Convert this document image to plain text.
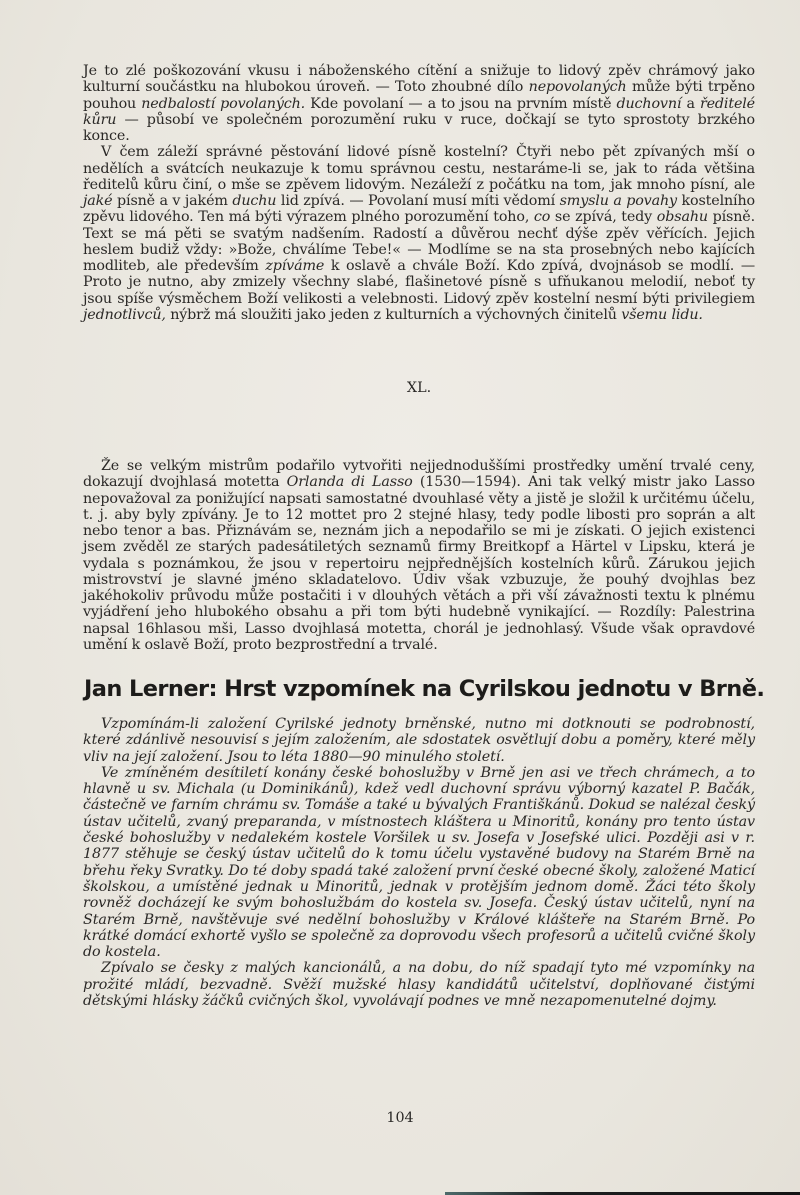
Je to zlé poškozování vkusu i náboženského cítění a snižuje to lidový zpěv chrámový jako kulturní součástku na hlubokou úroveň. — Toto zhoubné dílo nepovolaných může býti trpěno pouhou nedbalostí povolaných. Kde povolaní — a to jsou na prvním místě duchovní a ředitelé kůru — působí ve společném porozumění ruku v ruce, dočkají se tyto sprostoty brzkého konce.

V čem záleží správné pěstování lidové písně kostelní? Čtyři nebo pět zpívaných mší o nedělích a svátcích neukazuje k tomu správnou cestu, nestaráme-li se, jak to ráda většina ředitelů kůru činí, o mše se zpěvem lidovým. Nezáleží z počátku na tom, jak mnoho písní, ale jaké písně a v jakém duchu lid zpívá. — Povolaní musí míti vědomí smyslu a povahy kostelního zpěvu lidového. Ten má býti výrazem plného porozumění toho, co se zpívá, tedy obsahu písně. Text se má pěti se svatým nadšením. Radostí a důvěrou nechť dýše zpěv věřících. Jejich heslem budiž vždy: »Bože, chválíme Tebe!« — Modlíme se na sta prosebných nebo kajících modliteb, ale především zpíváme k oslavě a chvále Boží. Kdo zpívá, dvojnásob se modlí. — Proto je nutno, aby zmizely všechny slabé, flašinetové písně s ufňukanou melodií, neboť ty jsou spíše výsměchem Boží velikosti a velebnosti. Lidový zpěv kostelní nesmí býti privilegiem jednotlivců, nýbrž má sloužiti jako jeden z kulturních a výchovných činitelů všemu lidu.

XL.

Že se velkým mistrům podařilo vytvořiti nejjednoduššími prostředky umění trvalé ceny, dokazují dvojhlasá motetta Orlanda di Lasso (1530—1594). Ani tak velký mistr jako Lasso nepovažoval za ponižující napsati samostatné dvouhlasé věty a jistě je složil k určitému účelu, t. j. aby byly zpívány. Je to 12 mottet pro 2 stejné hlasy, tedy podle libosti pro soprán a alt nebo tenor a bas. Přiznávám se, neznám jich a nepodařilo se mi je získati. O jejich existenci jsem zvěděl ze starých padesátiletých seznamů firmy Breitkopf a Härtel v Lipsku, která je vydala s poznámkou, že jsou v repertoiru nejpřednějších kostelních kůrů. Zárukou jejich mistrovství je slavné jméno skladatelovo. Údiv však vzbuzuje, že pouhý dvojhlas bez jakéhokoliv průvodu může postačiti i v dlouhých větách a při vší závažnosti textu k plnému vyjádření jeho hlubokého obsahu a při tom býti hudebně vynikající. — Rozdíly: Palestrina napsal 16hlasou mši, Lasso dvojhlasá motetta, chorál je jednohlasý. Všude však opravdové umění k oslavě Boží, proto bezprostřední a trvalé.

Jan Lerner: Hrst vzpomínek na Cyrilskou jednotu v Brně.

Vzpomínám-li založení Cyrilské jednoty brněnské, nutno mi dotknouti se podrobností, které zdánlivě nesouvisí s jejím založením, ale sdostatek osvětlují dobu a poměry, které měly vliv na její založení. Jsou to léta 1880—90 minulého století.

Ve zmíněném desítiletí konány české bohoslužby v Brně jen asi ve třech chrámech, a to hlavně u sv. Michala (u Dominikánů), kdež vedl duchovní správu výborný kazatel P. Bačák, částečně ve farním chrámu sv. Tomáše a také u bývalých Františkánů. Dokud se nalézal český ústav učitelů, zvaný preparanda, v místnostech kláštera u Minoritů, konány pro tento ústav české bohoslužby v nedalekém kostele Voršilek u sv. Josefa v Josefské ulici. Později asi v r. 1877 stěhuje se český ústav učitelů do k tomu účelu vystavěné budovy na Starém Brně na břehu řeky Svratky. Do té doby spadá také založení první české obecné školy, založené Maticí školskou, a umístěné jednak u Minoritů, jednak v protějším jednom domě. Žáci této školy rovněž docházejí ke svým bohoslužbám do kostela sv. Josefa. Český ústav učitelů, nyní na Starém Brně, navštěvuje své nedělní bohoslužby v Králové klášteře na Starém Brně. Po krátké domácí exhortě vyšlo se společně za doprovodu všech profesorů a učitelů cvičné školy do kostela.

Zpívalo se česky z malých kancionálů, a na dobu, do níž spadají tyto mé vzpomínky na prožité mládí, bezvadně. Svěží mužské hlasy kandidátů učitelství, doplňované čistými dětskými hlásky žáčků cvičných škol, vyvolávají podnes ve mně nezapomenutelné dojmy.

104
